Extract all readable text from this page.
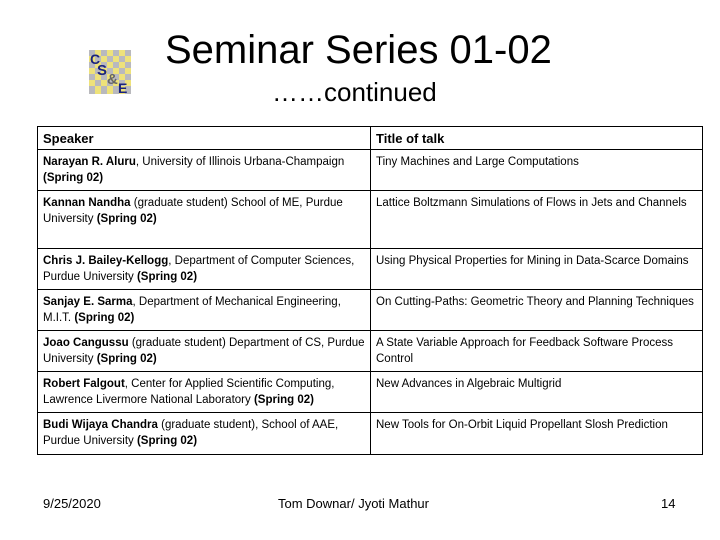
C
S
& E
Seminar Series 01-02
……continued
Speaker	Title of talk
Narayan R. Aluru, University of Illinois Urbana-Champaign (Spring 02)	Tiny Machines and Large Computations
Kannan Nandha (graduate student) School of ME, Purdue University (Spring 02)	Lattice Boltzmann Simulations of Flows in Jets and Channels
Chris J. Bailey-Kellogg, Department of Computer Sciences, Purdue University (Spring 02)	Using Physical Properties for Mining in Data-Scarce Domains
Sanjay E. Sarma, Department of Mechanical Engineering, M.I.T. (Spring 02)	On Cutting-Paths: Geometric Theory and Planning Techniques
Joao Cangussu (graduate student) Department of CS, Purdue University (Spring 02)	A State Variable Approach for Feedback Software Process Control
Robert Falgout, Center for Applied Scientific Computing, Lawrence Livermore National Laboratory (Spring 02)	New Advances in Algebraic Multigrid
Budi Wijaya Chandra (graduate student), School of AAE, Purdue University (Spring 02)	New Tools for On-Orbit Liquid Propellant Slosh Prediction
9/25/2020	Tom Downar/ Jyoti Mathur	14
